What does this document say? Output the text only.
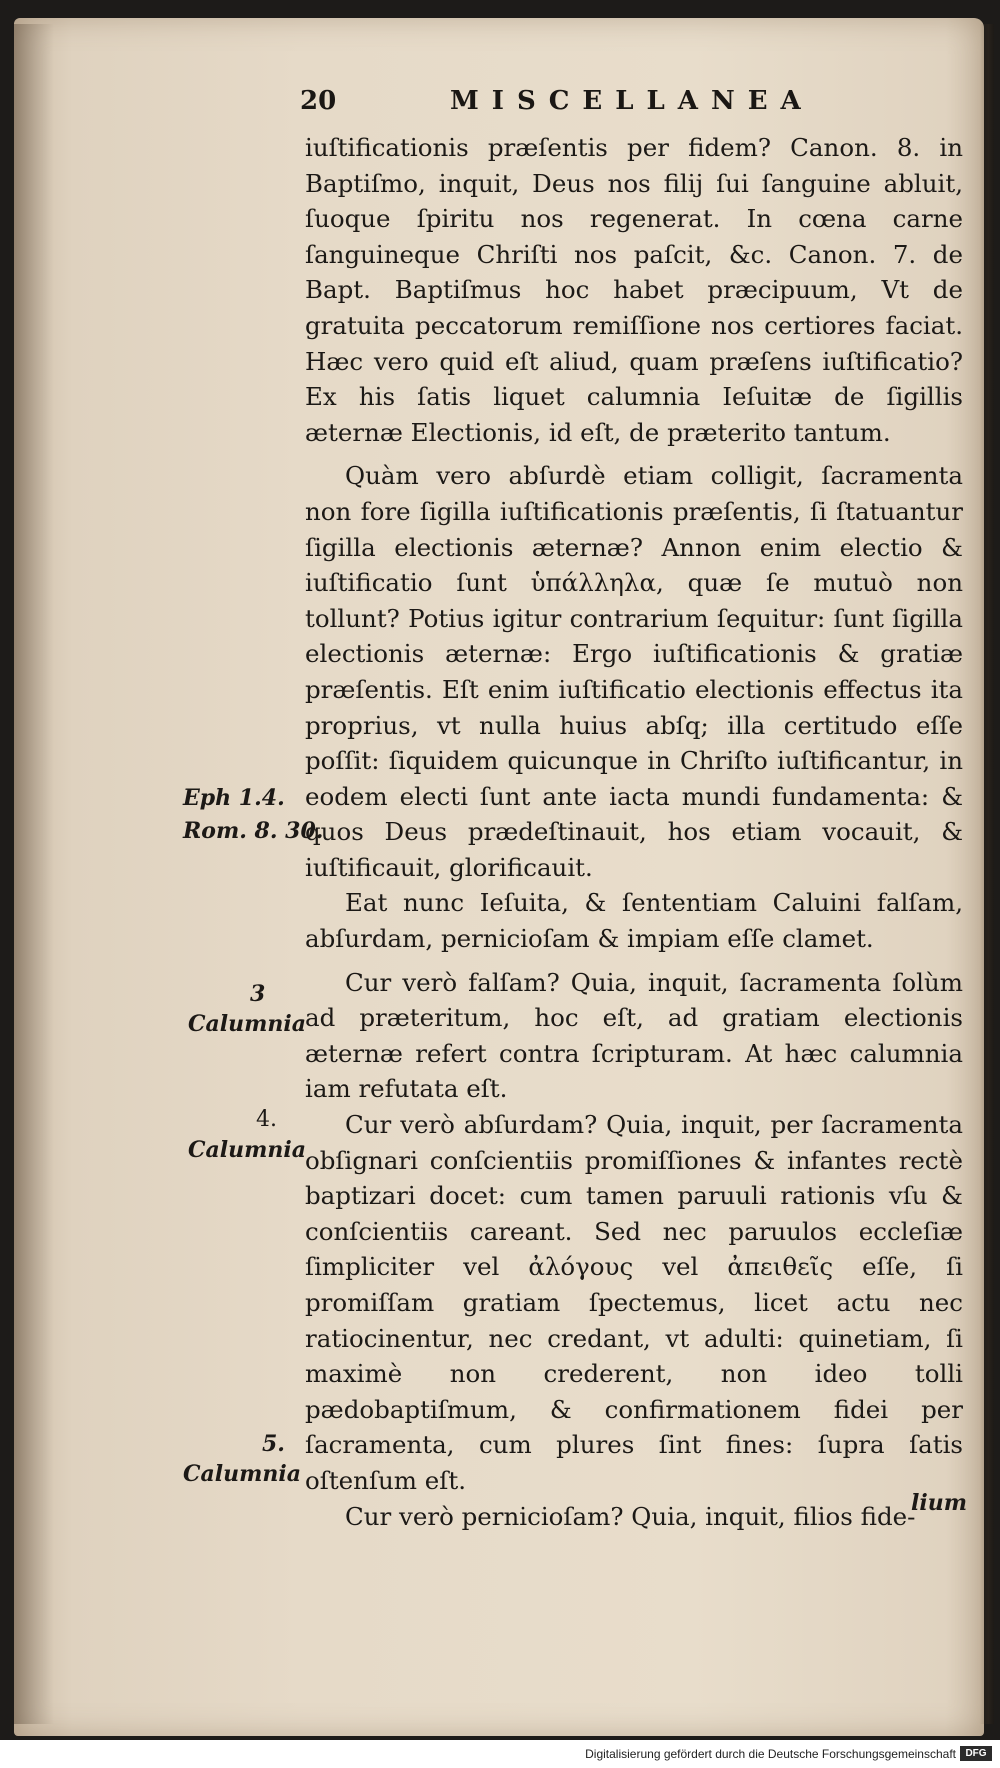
20	MISCELLANEA

iuſtificationis præſentis per fidem? Canon. 8. in Baptiſmo, inquit, Deus nos filij ſui ſanguine abluit, ſuoque ſpiritu nos regenerat. In cœna carne ſanguineque Chriſti nos paſcit, &c. Canon. 7. de Bapt. Baptiſmus hoc habet præcipuum, Vt de gratuita peccatorum remiſſione nos certiores faciat. Hæc vero quid eſt aliud, quam præſens iuſtificatio? Ex his ſatis liquet calumnia Ieſuitæ de ſigillis æternæ Electionis, id eſt, de præterito tantum.

Quàm vero abſurdè etiam colligit, ſacramenta non fore ſigilla iuſtificationis præſentis, ſi ſtatuantur ſigilla electionis æternæ? Annon enim electio & iuſtificatio ſunt ὑπάλληλα, quæ ſe mutuò non tollunt? Potius igitur contrarium ſequitur: ſunt ſigilla electionis æternæ: Ergo iuſtificationis & gratiæ præſentis. Eſt enim iuſtificatio electionis effectus ita proprius, vt nulla huius abſq; illa certitudo eſſe poſſit: ſiquidem quicunque in Chriſto iuſtificantur, in eodem electi ſunt ante iacta mundi fundamenta: & quos Deus prædeſtinauit, hos etiam vocauit, & iuſtificauit, glorificauit.

Eat nunc Ieſuita, & ſententiam Caluini falſam, abſurdam, pernicioſam & impiam eſſe clamet.

Cur verò falſam? Quia, inquit, ſacramenta ſolùm ad præteritum, hoc eſt, ad gratiam electionis æternæ refert contra ſcripturam. At hæc calumnia iam refutata eſt.

Cur verò abſurdam? Quia, inquit, per ſacramenta obſignari conſcientiis promiſſiones & infantes rectè baptizari docet: cum tamen paruuli rationis vſu & conſcientiis careant. Sed nec paruulos eccleſiæ ſimpliciter vel ἀλόγους vel ἀπειθεῖς eſſe, ſi promiſſam gratiam ſpectemus, licet actu nec ratiocinentur, nec credant, vt adulti: quinetiam, ſi maximè non crederent, non ideo tolli pædobaptiſmum, & confirmationem fidei per ſacramenta, cum plures ſint fines: ſupra ſatis oſtenſum eſt.

Cur verò pernicioſam? Quia, inquit, filios fide-

Eph 1.4.
Rom. 8. 30.
3
Calumnia
4.
Calumnia
5.
Calumnia
lium
Digitalisierung gefördert durch die Deutsche Forschungsgemeinschaft DFG
